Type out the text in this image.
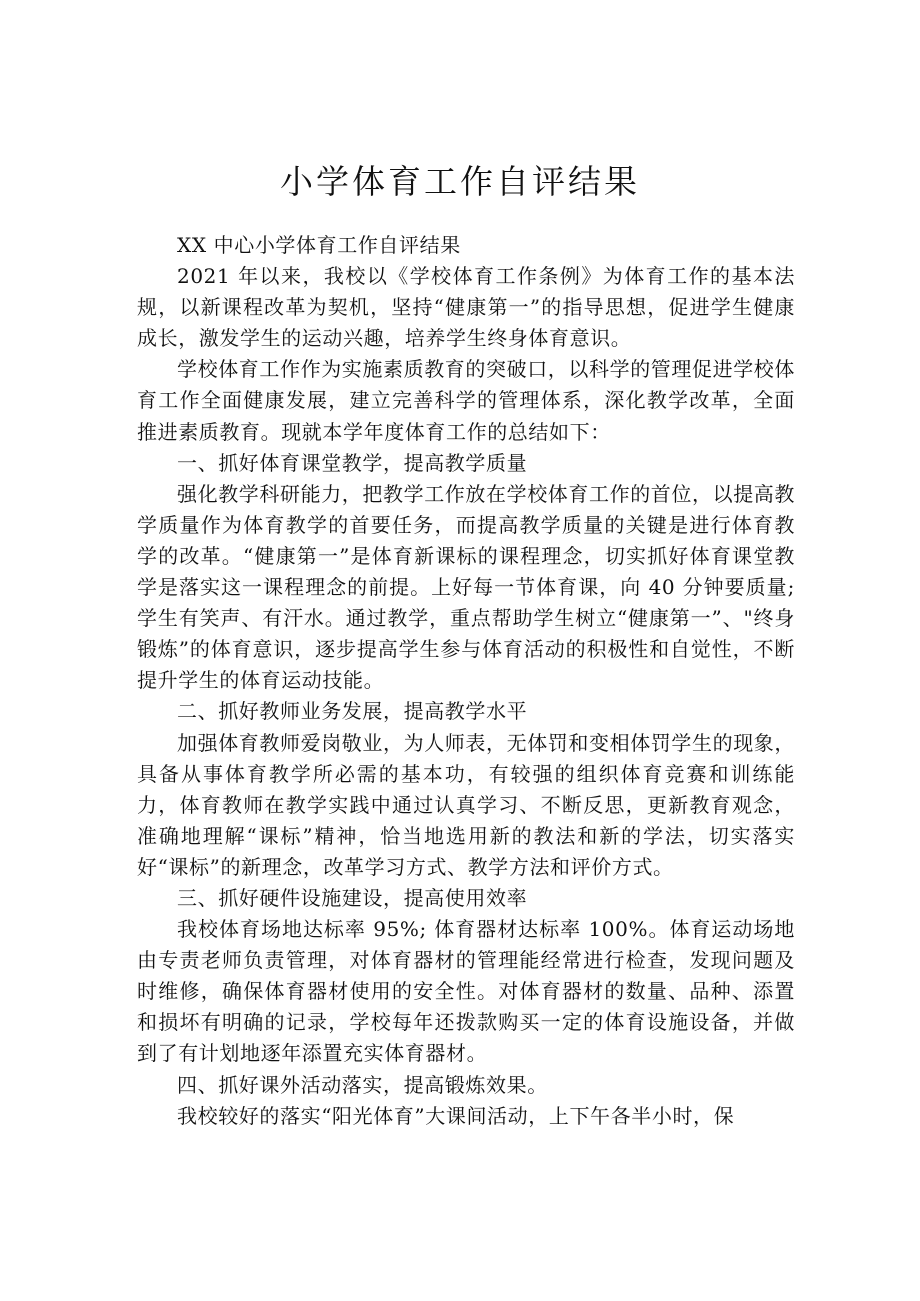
小学体育工作自评结果

XX 中心小学体育工作自评结果

2021 年以来，我校以《学校体育工作条例》为体育工作的基本法规，以新课程改革为契机，坚持“健康第一”的指导思想，促进学生健康成长，激发学生的运动兴趣，培养学生终身体育意识。

学校体育工作作为实施素质教育的突破口，以科学的管理促进学校体育工作全面健康发展，建立完善科学的管理体系，深化教学改革，全面推进素质教育。现就本学年度体育工作的总结如下：

一、抓好体育课堂教学，提高教学质量

强化教学科研能力，把教学工作放在学校体育工作的首位，以提高教学质量作为体育教学的首要任务，而提高教学质量的关键是进行体育教学的改革。“健康第一”是体育新课标的课程理念，切实抓好体育课堂教学是落实这一课程理念的前提。上好每一节体育课，向 40 分钟要质量; 学生有笑声、有汗水。通过教学，重点帮助学生树立“健康第一”、"终身锻炼”的体育意识，逐步提高学生参与体育活动的积极性和自觉性，不断提升学生的体育运动技能。

二、抓好教师业务发展，提高教学水平

加强体育教师爱岗敬业，为人师表，无体罚和变相体罚学生的现象，具备从事体育教学所必需的基本功，有较强的组织体育竞赛和训练能力，体育教师在教学实践中通过认真学习、不断反思，更新教育观念，准确地理解“课标”精神，恰当地选用新的教法和新的学法，切实落实好“课标”的新理念，改革学习方式、教学方法和评价方式。

三、抓好硬件设施建设，提高使用效率

我校体育场地达标率 95%; 体育器材达标率 100%。体育运动场地由专责老师负责管理，对体育器材的管理能经常进行检查，发现问题及时维修，确保体育器材使用的安全性。对体育器材的数量、品种、添置和损坏有明确的记录，学校每年还拨款购买一定的体育设施设备，并做到了有计划地逐年添置充实体育器材。

四、抓好课外活动落实，提高锻炼效果。

我校较好的落实“阳光体育”大课间活动，上下午各半小时，保
